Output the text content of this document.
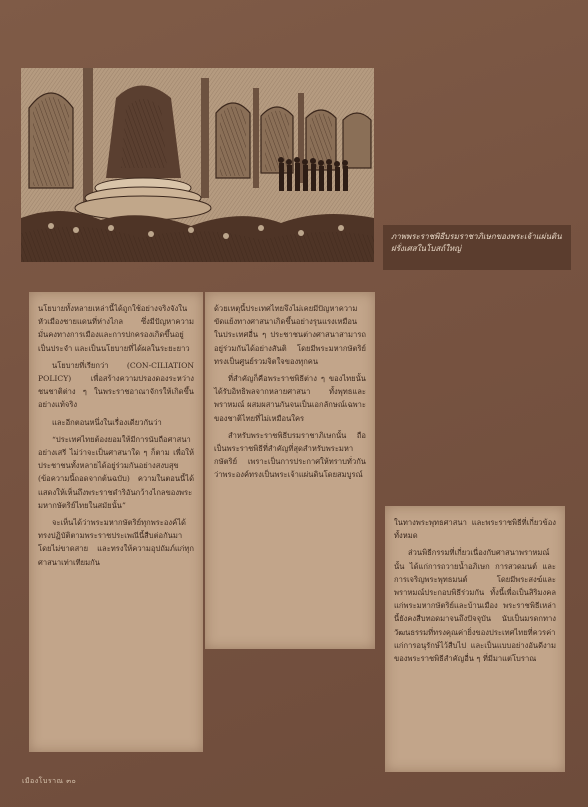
ภาพพระราชพิธีบรมราชาภิเษกของพระเจ้าแผ่นดินฝรั่งเศสในโบสถ์ใหญ่

นโยบายทั้งหลายเหล่านี้ได้ถูกใช้อย่างจริงจังในหัวเมืองชายแดนที่ห่างไกล ซึ่งมีปัญหาความมั่นคงทางการเมืองและการปกครองเกิดขึ้นอยู่เป็นประจำ และเป็นนโยบายที่ได้ผลในระยะยาว

นโยบายที่เรียกว่า (CON-CILIATION POLICY) เพื่อสร้างความปรองดองระหว่างชนชาติต่าง ๆ ในพระราชอาณาจักรให้เกิดขึ้นอย่างแท้จริง

และอีกตอนหนึ่งในเรื่องเดียวกันว่า

“ประเทศไทยต้องยอมให้มีการนับถือศาสนาอย่างเสรี ไม่ว่าจะเป็นศาสนาใด ๆ ก็ตาม เพื่อให้ประชาชนทั้งหลายได้อยู่ร่วมกันอย่างสงบสุข (ข้อความนี้ถอดจากต้นฉบับ) ความในตอนนี้ได้แสดงให้เห็นถึงพระราชดำริอันกว้างไกลของพระมหากษัตริย์ไทยในสมัยนั้น”

จะเห็นได้ว่าพระมหากษัตริย์ทุกพระองค์ได้ทรงปฏิบัติตามพระราชประเพณีนี้สืบต่อกันมาโดยไม่ขาดสาย และทรงให้ความอุปถัมภ์แก่ทุกศาสนาเท่าเทียมกัน

ด้วยเหตุนี้ประเทศไทยจึงไม่เคยมีปัญหาความขัดแย้งทางศาสนาเกิดขึ้นอย่างรุนแรงเหมือนในประเทศอื่น ๆ ประชาชนต่างศาสนาสามารถอยู่ร่วมกันได้อย่างสันติ โดยมีพระมหากษัตริย์ทรงเป็นศูนย์รวมจิตใจของทุกคน

ที่สำคัญก็คือพระราชพิธีต่าง ๆ ของไทยนั้นได้รับอิทธิพลจากหลายศาสนา ทั้งพุทธและพราหมณ์ ผสมผสานกันจนเป็นเอกลักษณ์เฉพาะของชาติไทยที่ไม่เหมือนใคร

สำหรับพระราชพิธีบรมราชาภิเษกนั้น ถือเป็นพระราชพิธีที่สำคัญที่สุดสำหรับพระมหากษัตริย์ เพราะเป็นการประกาศให้ทราบทั่วกันว่าพระองค์ทรงเป็นพระเจ้าแผ่นดินโดยสมบูรณ์

ในทางพระพุทธศาสนา และพระราชพิธีที่เกี่ยวข้องทั้งหมด

ส่วนพิธีกรรมที่เกี่ยวเนื่องกับศาสนาพราหมณ์นั้น ได้แก่การถวายน้ำอภิเษก การสวดมนต์ และการเจริญพระพุทธมนต์ โดยมีพระสงฆ์และพราหมณ์ประกอบพิธีร่วมกัน ทั้งนี้เพื่อเป็นสิริมงคลแก่พระมหากษัตริย์และบ้านเมือง พระราชพิธีเหล่านี้ยังคงสืบทอดมาจนถึงปัจจุบัน นับเป็นมรดกทางวัฒนธรรมที่ทรงคุณค่ายิ่งของประเทศไทยที่ควรค่าแก่การอนุรักษ์ไว้สืบไป และเป็นแบบอย่างอันดีงามของพระราชพิธีสำคัญอื่น ๆ ที่มีมาแต่โบราณ

เมืองโบราณ ๓๐
